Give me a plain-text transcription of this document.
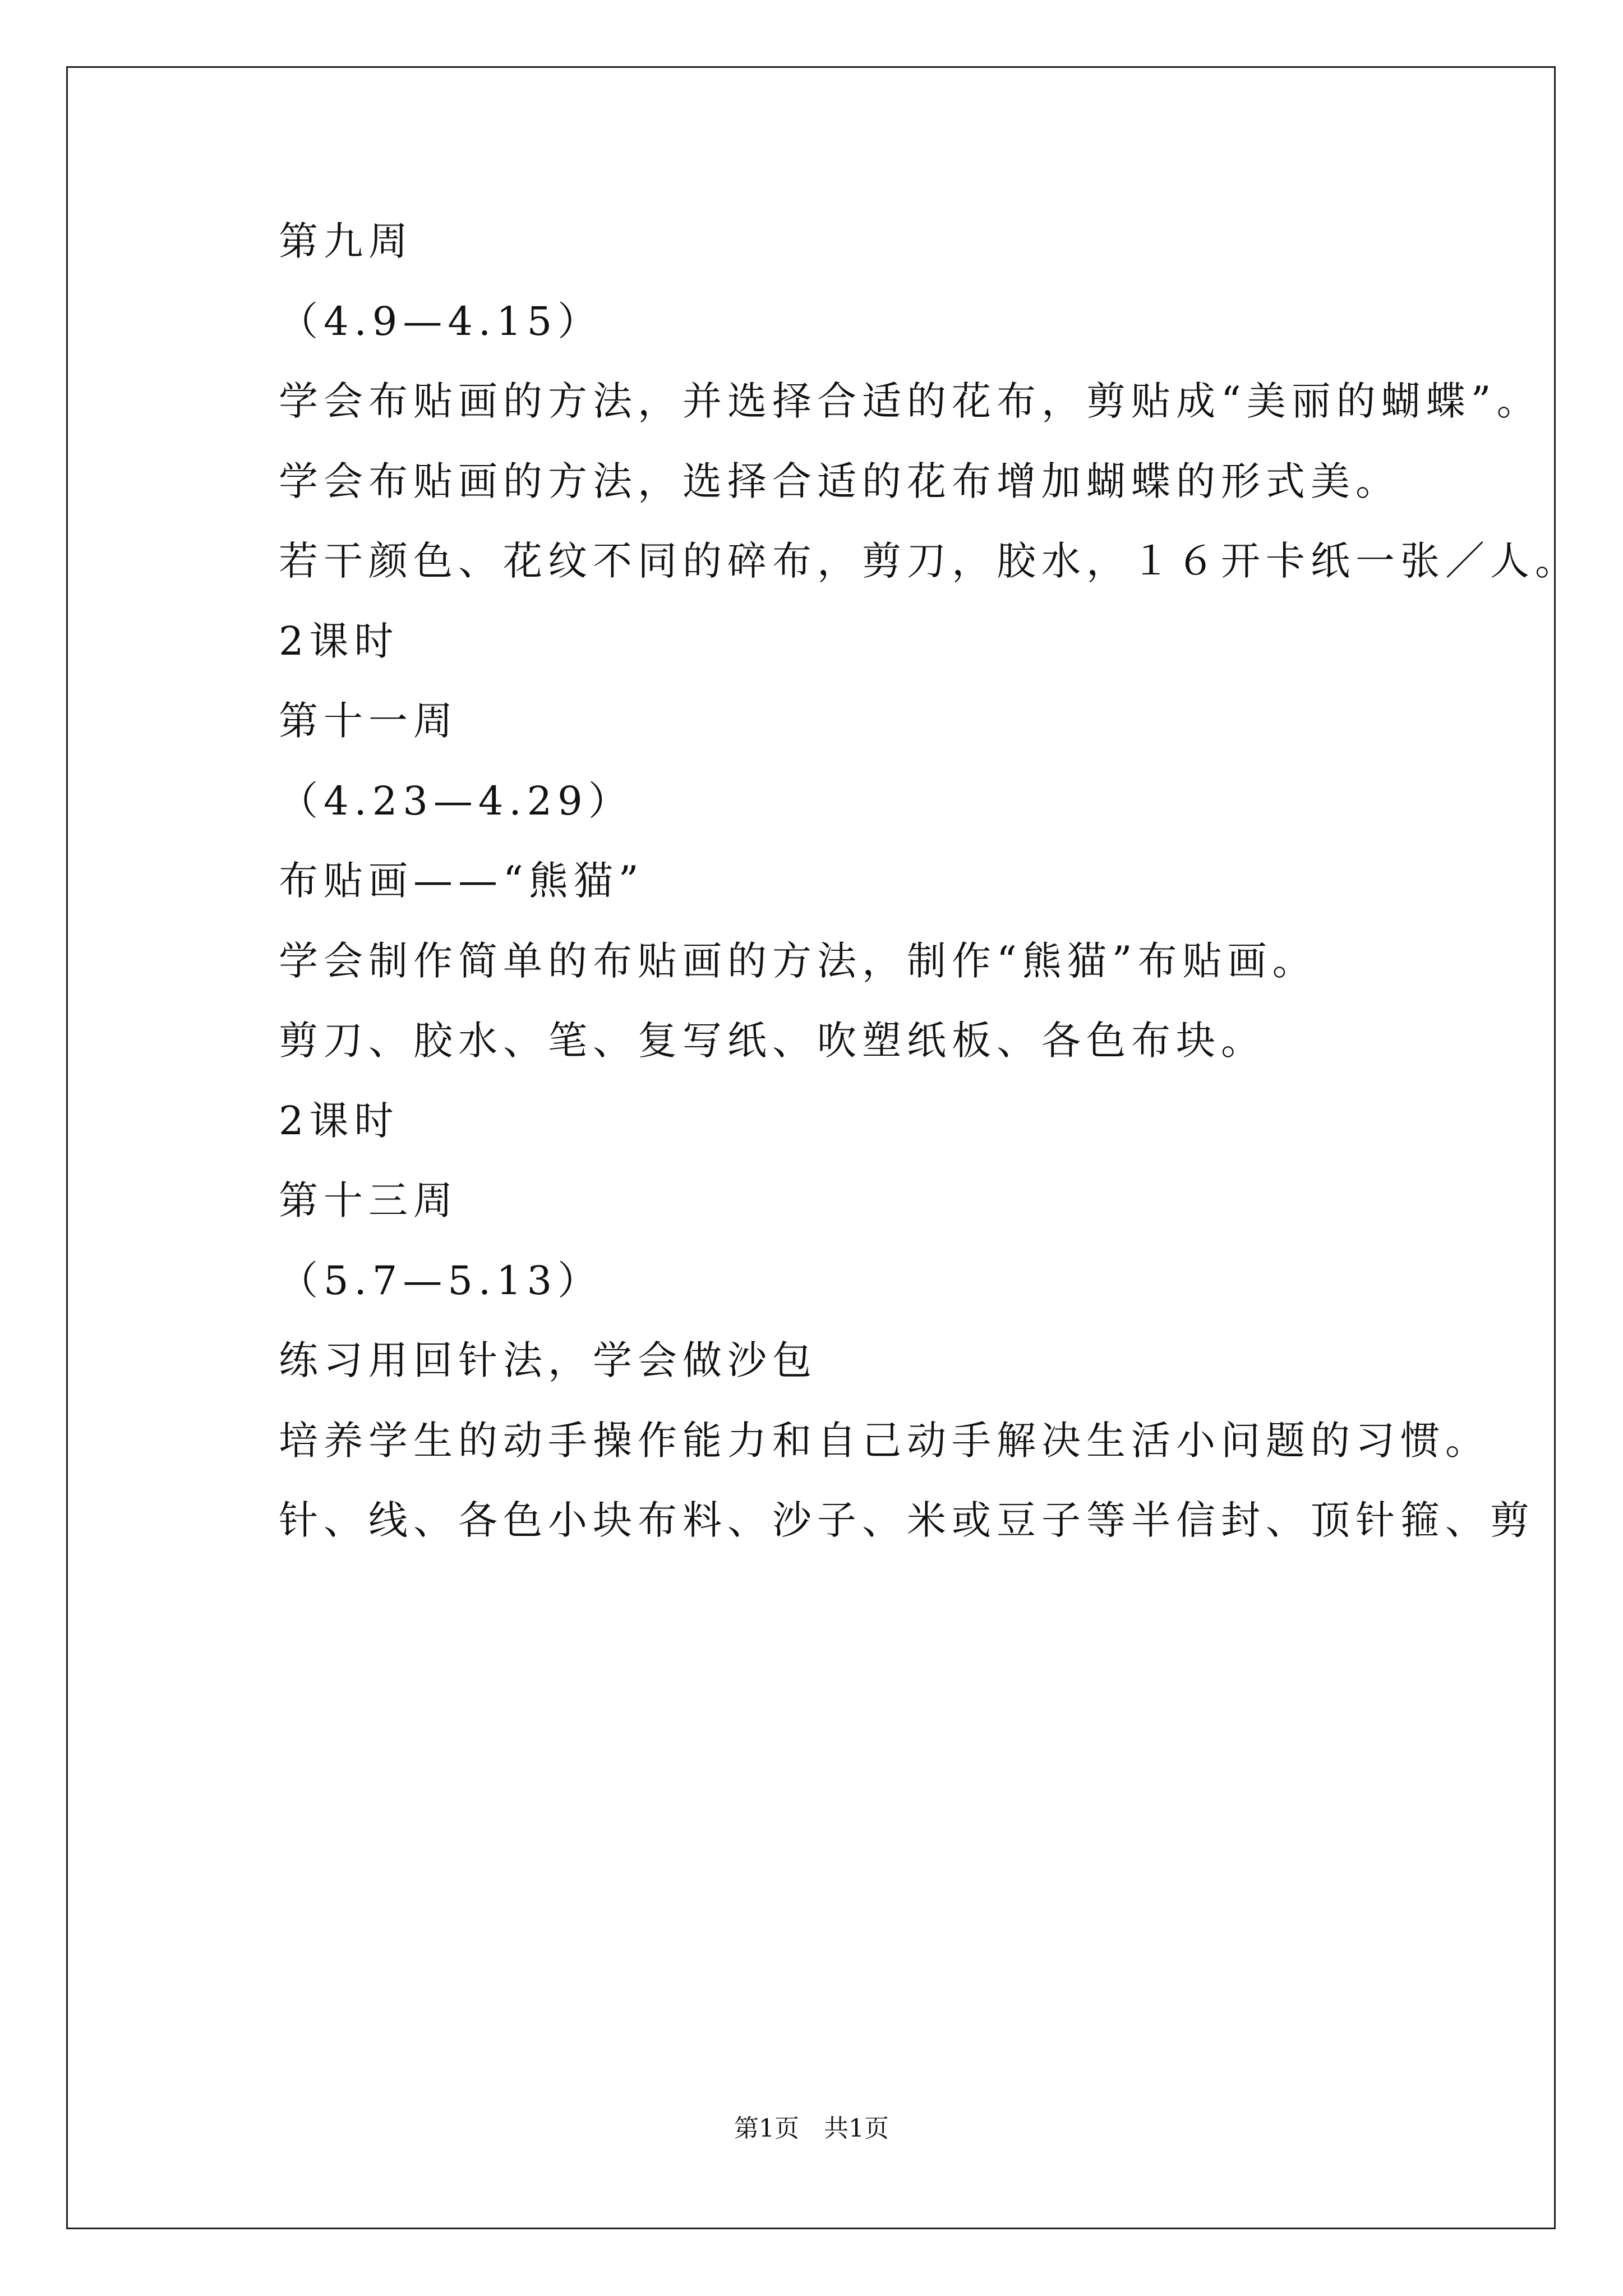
第九周
（4.9—4.15）
学会布贴画的方法，并选择合适的花布，剪贴成“美丽的蝴蝶”。
学会布贴画的方法，选择合适的花布增加蝴蝶的形式美。
若干颜色、花纹不同的碎布，剪刀，胶水，１６开卡纸一张／人。
2课时
第十一周
（4.23—4.29）
布贴画——“熊猫”
学会制作简单的布贴画的方法，制作“熊猫”布贴画。
剪刀、胶水、笔、复写纸、吹塑纸板、各色布块。
2课时
第十三周
（5.7—5.13）
练习用回针法，学会做沙包
培养学生的动手操作能力和自己动手解决生活小问题的习惯。
针、线、各色小块布料、沙子、米或豆子等半信封、顶针箍、剪
第1页　共1页
